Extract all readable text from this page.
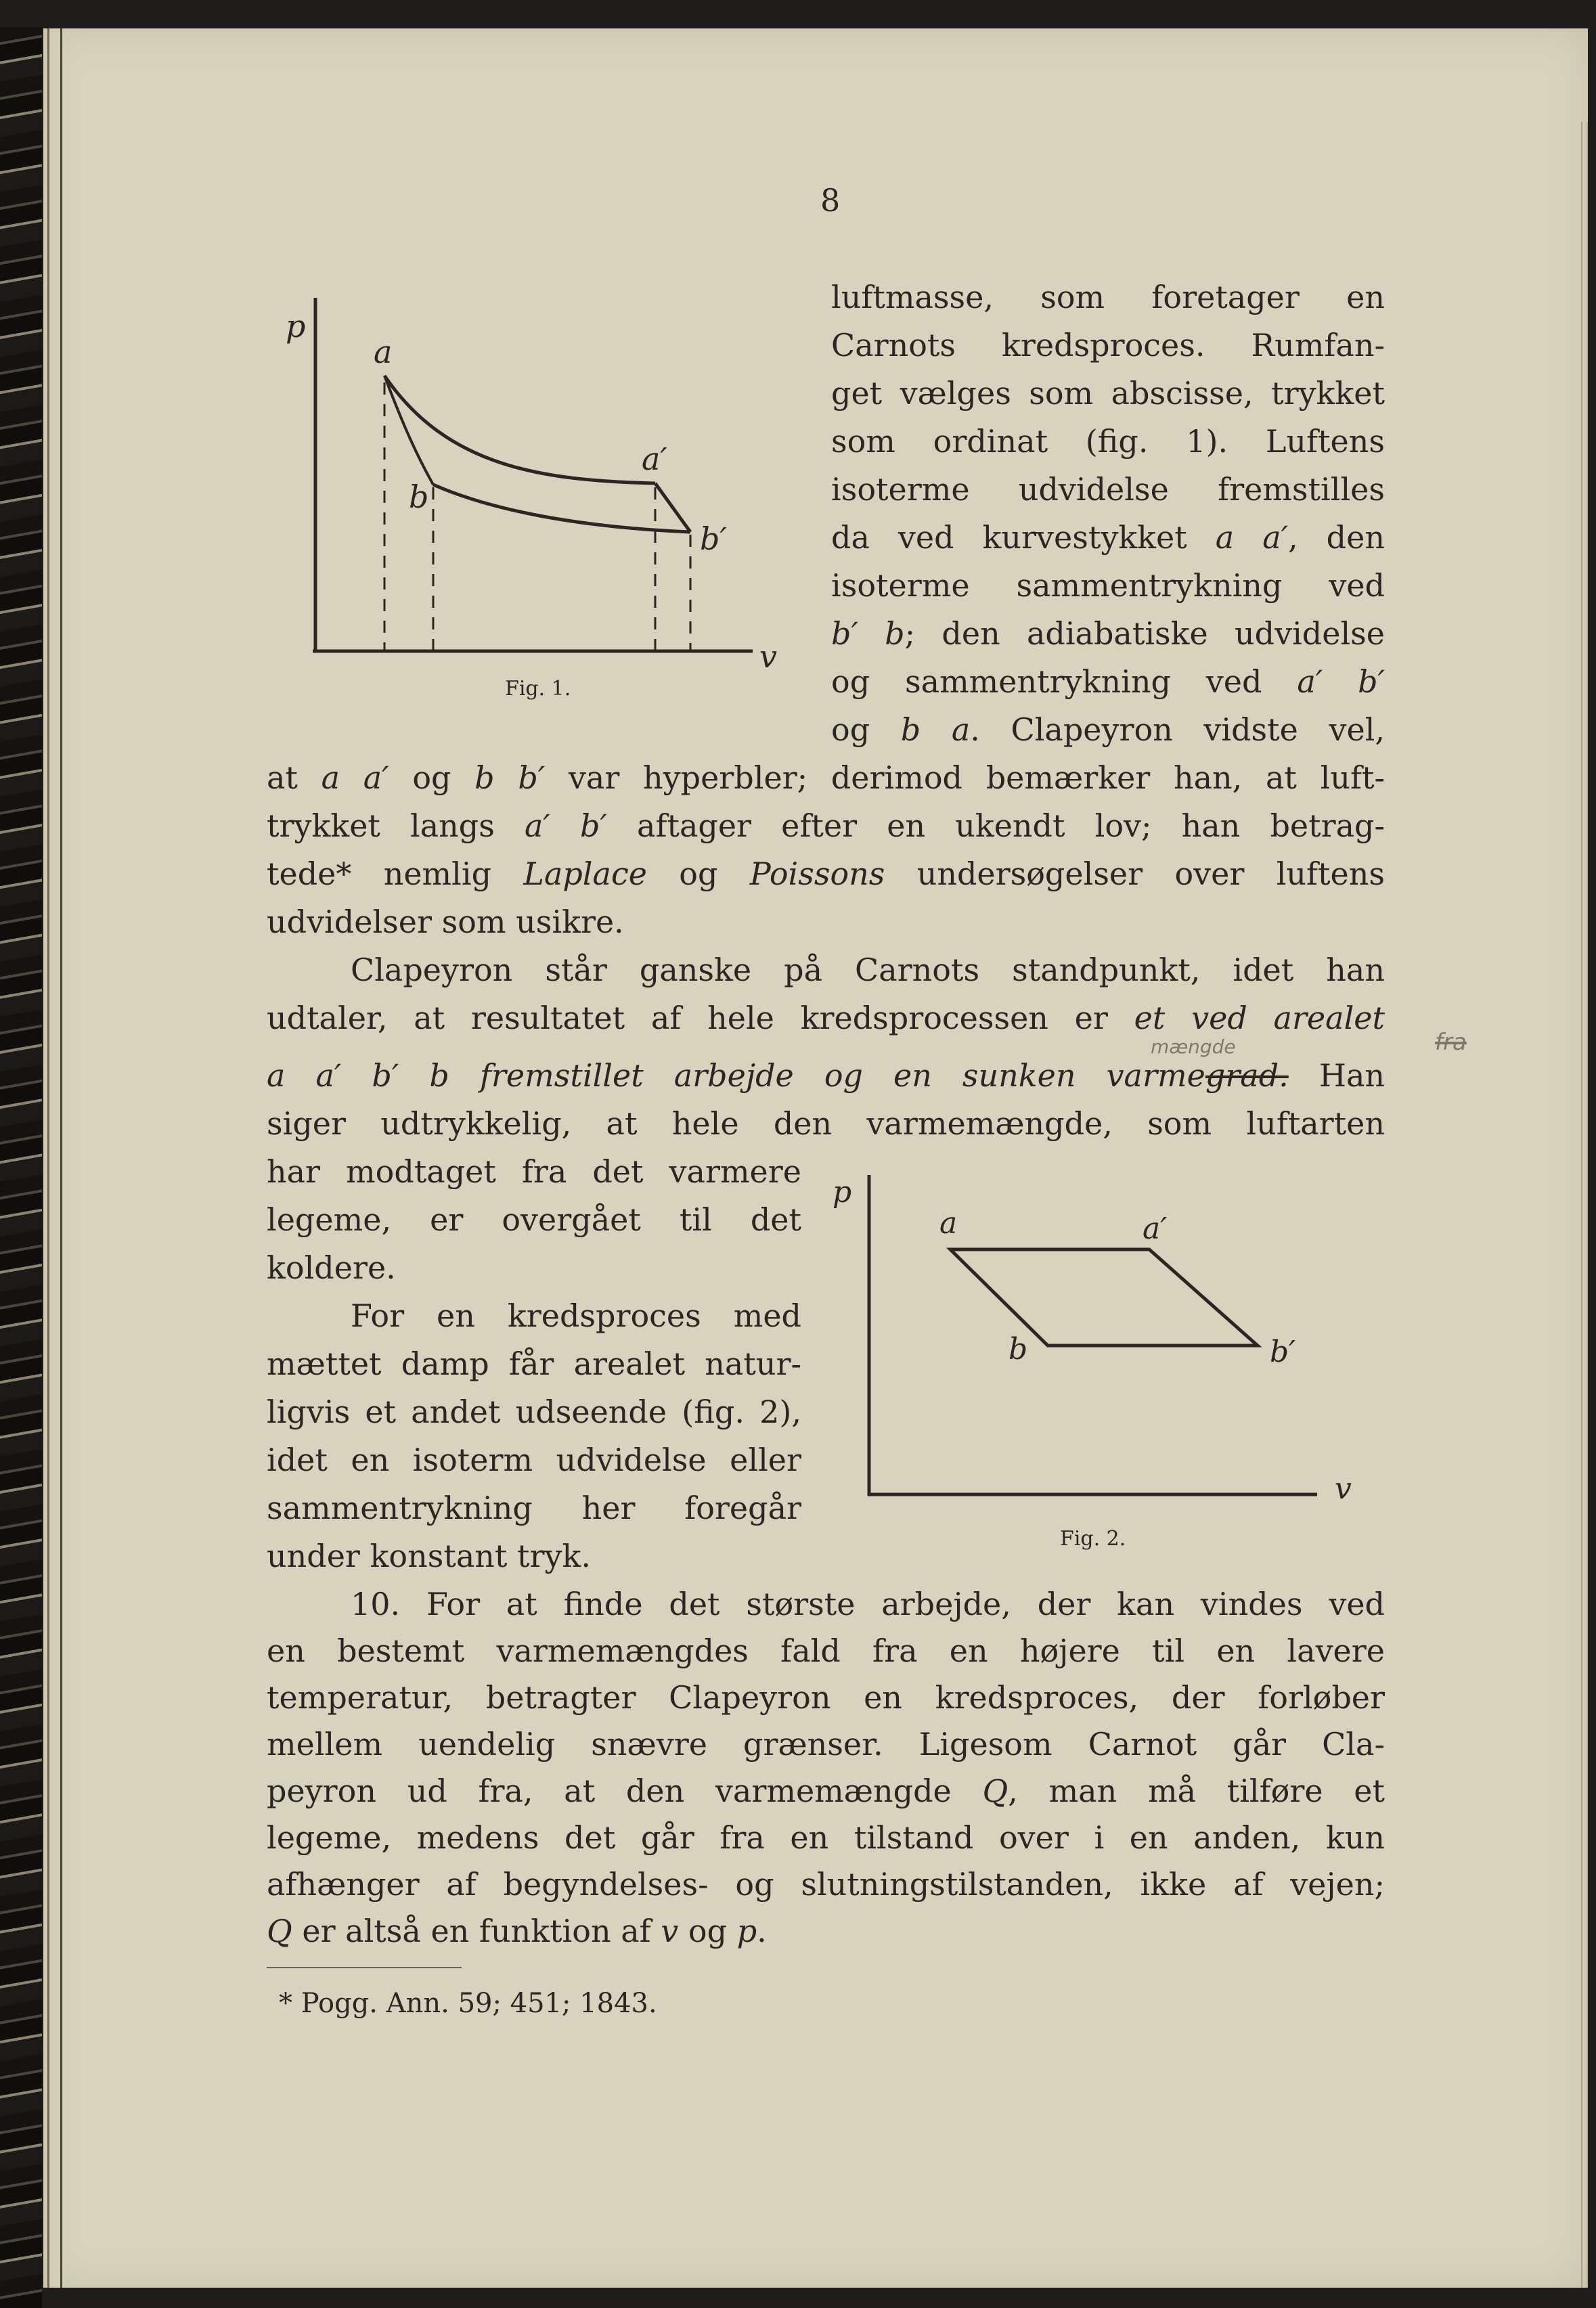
8
p
v
a
b
a′
b′
Fig. 1.
luftmasse, som foretager en
Carnots kredsproces. Rumfan-
get vælges som abscisse, trykket
som ordinat (fig. 1). Luftens
isoterme udvidelse fremstilles
da ved kurvestykket a a′, den
isoterme sammentrykning ved
b′ b; den adiabatiske udvidelse
og sammentrykning ved a′ b′
og b a. Clapeyron vidste vel,
at a a′ og b b′ var hyperbler; derimod bemærker han, at luft-
trykket langs a′ b′ aftager efter en ukendt lov; han betrag-
tede* nemlig Laplace og Poissons undersøgelser over luftens
udvidelser som usikre.
Clapeyron står ganske på Carnots standpunkt, idet han
udtaler, at resultatet af hele kredsprocessen er et ved arealet
a a′ b′ b fremstillet arbejde og en sunken varmegrad. Han
mængde	fra
siger udtrykkelig, at hele den varmemængde, som luftarten
har modtaget fra det varmere
legeme, er overgået til det
koldere.
For en kredsproces med
mættet damp får arealet natur-
ligvis et andet udseende (fig. 2),
idet en isoterm udvidelse eller
sammentrykning her foregår
under konstant tryk.
p
v
a	a′
b	b′
Fig. 2.
10. For at finde det største arbejde, der kan vindes ved
en bestemt varmemængdes fald fra en højere til en lavere
temperatur, betragter Clapeyron en kredsproces, der forløber
mellem uendelig snævre grænser. Ligesom Carnot går Cla-
peyron ud fra, at den varmemængde Q, man må tilføre et
legeme, medens det går fra en tilstand over i en anden, kun
afhænger af begyndelses- og slutningstilstanden, ikke af vejen;
Q er altså en funktion af v og p.
* Pogg. Ann. 59; 451; 1843.
